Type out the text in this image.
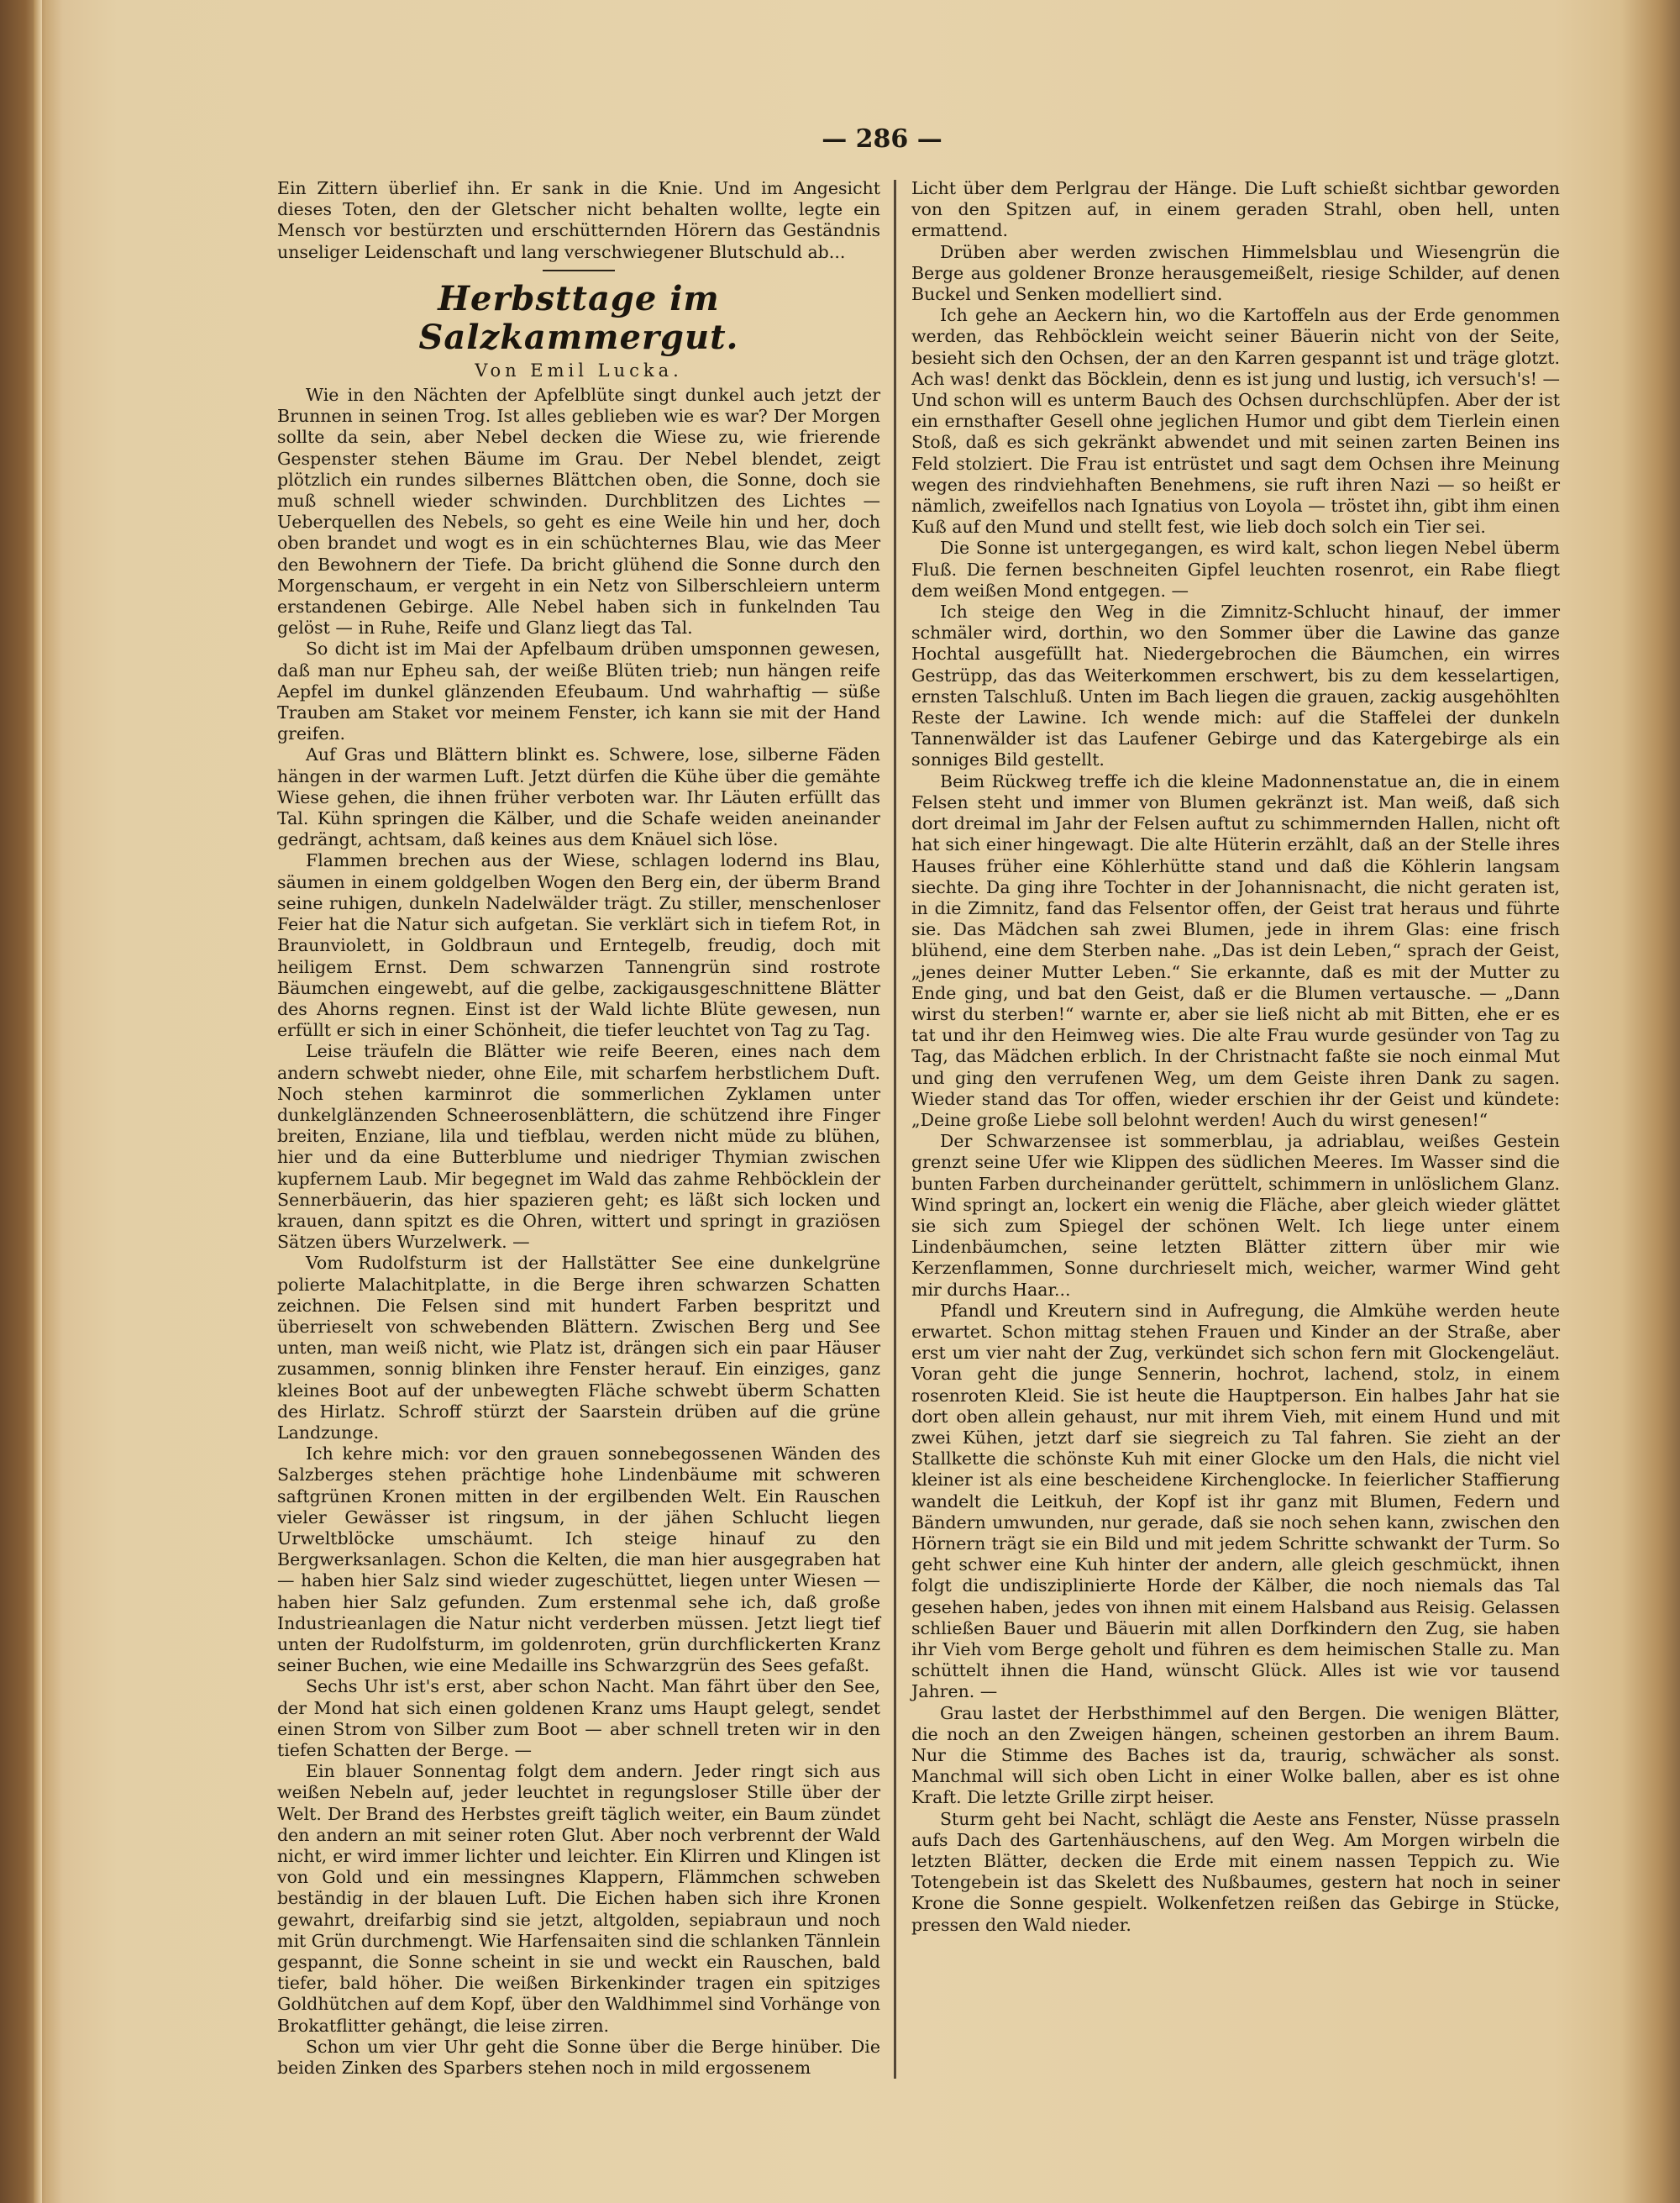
— 286 —

Ein Zittern überlief ihn. Er sank in die Knie. Und im Angesicht dieses Toten, den der Gletscher nicht behalten wollte, legte ein Mensch vor bestürzten und erschütternden Hörern das Geständnis unseliger Leidenschaft und lang verschwiegener Blutschuld ab...

Herbsttage im Salzkammergut.
Von Emil Lucka.

Wie in den Nächten der Apfelblüte singt dunkel auch jetzt der Brunnen in seinen Trog. Ist alles geblieben wie es war? Der Morgen sollte da sein, aber Nebel decken die Wiese zu, wie frierende Gespenster stehen Bäume im Grau. Der Nebel blendet, zeigt plötzlich ein rundes silbernes Blättchen oben, die Sonne, doch sie muß schnell wieder schwinden. Durchblitzen des Lichtes — Ueberquellen des Nebels, so geht es eine Weile hin und her, doch oben brandet und wogt es in ein schüchternes Blau, wie das Meer den Bewohnern der Tiefe. Da bricht glühend die Sonne durch den Morgenschaum, er vergeht in ein Netz von Silberschleiern unterm erstandenen Gebirge. Alle Nebel haben sich in funkelnden Tau gelöst — in Ruhe, Reife und Glanz liegt das Tal.

So dicht ist im Mai der Apfelbaum drüben umsponnen gewesen, daß man nur Epheu sah, der weiße Blüten trieb; nun hängen reife Aepfel im dunkel glänzenden Efeubaum. Und wahrhaftig — süße Trauben am Staket vor meinem Fenster, ich kann sie mit der Hand greifen.

Auf Gras und Blättern blinkt es. Schwere, lose, silberne Fäden hängen in der warmen Luft. Jetzt dürfen die Kühe über die gemähte Wiese gehen, die ihnen früher verboten war. Ihr Läuten erfüllt das Tal. Kühn springen die Kälber, und die Schafe weiden aneinander gedrängt, achtsam, daß keines aus dem Knäuel sich löse.

Flammen brechen aus der Wiese, schlagen lodernd ins Blau, säumen in einem goldgelben Wogen den Berg ein, der überm Brand seine ruhigen, dunkeln Nadelwälder trägt. Zu stiller, menschenloser Feier hat die Natur sich aufgetan. Sie verklärt sich in tiefem Rot, in Braunviolett, in Goldbraun und Erntegelb, freudig, doch mit heiligem Ernst. Dem schwarzen Tannengrün sind rostrote Bäumchen eingewebt, auf die gelbe, zackigausgeschnittene Blätter des Ahorns regnen. Einst ist der Wald lichte Blüte gewesen, nun erfüllt er sich in einer Schönheit, die tiefer leuchtet von Tag zu Tag.

Leise träufeln die Blätter wie reife Beeren, eines nach dem andern schwebt nieder, ohne Eile, mit scharfem herbstlichem Duft. Noch stehen karminrot die sommerlichen Zyklamen unter dunkelglänzenden Schneerosenblättern, die schützend ihre Finger breiten, Enziane, lila und tiefblau, werden nicht müde zu blühen, hier und da eine Butterblume und niedriger Thymian zwischen kupfernem Laub. Mir begegnet im Wald das zahme Rehböcklein der Sennerbäuerin, das hier spazieren geht; es läßt sich locken und krauen, dann spitzt es die Ohren, wittert und springt in graziösen Sätzen übers Wurzelwerk. —

Vom Rudolfsturm ist der Hallstätter See eine dunkelgrüne polierte Malachitplatte, in die Berge ihren schwarzen Schatten zeichnen. Die Felsen sind mit hundert Farben bespritzt und überrieselt von schwebenden Blättern. Zwischen Berg und See unten, man weiß nicht, wie Platz ist, drängen sich ein paar Häuser zusammen, sonnig blinken ihre Fenster herauf. Ein einziges, ganz kleines Boot auf der unbewegten Fläche schwebt überm Schatten des Hirlatz. Schroff stürzt der Saarstein drüben auf die grüne Landzunge.

Ich kehre mich: vor den grauen sonnebegossenen Wänden des Salzberges stehen prächtige hohe Lindenbäume mit schweren saftgrünen Kronen mitten in der ergilbenden Welt. Ein Rauschen vieler Gewässer ist ringsum, in der jähen Schlucht liegen Urweltblöcke umschäumt. Ich steige hinauf zu den Bergwerksanlagen. Schon die Kelten, die man hier ausgegraben hat — haben hier Salz sind wieder zugeschüttet, liegen unter Wiesen — haben hier Salz gefunden. Zum erstenmal sehe ich, daß große Industrieanlagen die Natur nicht verderben müssen. Jetzt liegt tief unten der Rudolfsturm, im goldenroten, grün durchflickerten Kranz seiner Buchen, wie eine Medaille ins Schwarzgrün des Sees gefaßt.

Sechs Uhr ist's erst, aber schon Nacht. Man fährt über den See, der Mond hat sich einen goldenen Kranz ums Haupt gelegt, sendet einen Strom von Silber zum Boot — aber schnell treten wir in den tiefen Schatten der Berge. —

Ein blauer Sonnentag folgt dem andern. Jeder ringt sich aus weißen Nebeln auf, jeder leuchtet in regungsloser Stille über der Welt. Der Brand des Herbstes greift täglich weiter, ein Baum zündet den andern an mit seiner roten Glut. Aber noch verbrennt der Wald nicht, er wird immer lichter und leichter. Ein Klirren und Klingen ist von Gold und ein messingnes Klappern, Flämmchen schweben beständig in der blauen Luft. Die Eichen haben sich ihre Kronen gewahrt, dreifarbig sind sie jetzt, altgolden, sepiabraun und noch mit Grün durchmengt. Wie Harfensaiten sind die schlanken Tännlein gespannt, die Sonne scheint in sie und weckt ein Rauschen, bald tiefer, bald höher. Die weißen Birkenkinder tragen ein spitziges Goldhütchen auf dem Kopf, über den Waldhimmel sind Vorhänge von Brokatflitter gehängt, die leise zirren.

Schon um vier Uhr geht die Sonne über die Berge hinüber. Die beiden Zinken des Sparbers stehen noch in mild ergossenem

Licht über dem Perlgrau der Hänge. Die Luft schießt sichtbar geworden von den Spitzen auf, in einem geraden Strahl, oben hell, unten ermattend.

Drüben aber werden zwischen Himmelsblau und Wiesengrün die Berge aus goldener Bronze herausgemeißelt, riesige Schilder, auf denen Buckel und Senken modelliert sind.

Ich gehe an Aeckern hin, wo die Kartoffeln aus der Erde genommen werden, das Rehböcklein weicht seiner Bäuerin nicht von der Seite, besieht sich den Ochsen, der an den Karren gespannt ist und träge glotzt. Ach was! denkt das Böcklein, denn es ist jung und lustig, ich versuch's! — Und schon will es unterm Bauch des Ochsen durchschlüpfen. Aber der ist ein ernsthafter Gesell ohne jeglichen Humor und gibt dem Tierlein einen Stoß, daß es sich gekränkt abwendet und mit seinen zarten Beinen ins Feld stolziert. Die Frau ist entrüstet und sagt dem Ochsen ihre Meinung wegen des rindviehhaften Benehmens, sie ruft ihren Nazi — so heißt er nämlich, zweifellos nach Ignatius von Loyola — tröstet ihn, gibt ihm einen Kuß auf den Mund und stellt fest, wie lieb doch solch ein Tier sei.

Die Sonne ist untergegangen, es wird kalt, schon liegen Nebel überm Fluß. Die fernen beschneiten Gipfel leuchten rosenrot, ein Rabe fliegt dem weißen Mond entgegen. —

Ich steige den Weg in die Zimnitz-Schlucht hinauf, der immer schmäler wird, dorthin, wo den Sommer über die Lawine das ganze Hochtal ausgefüllt hat. Niedergebrochen die Bäumchen, ein wirres Gestrüpp, das das Weiterkommen erschwert, bis zu dem kesselartigen, ernsten Talschluß. Unten im Bach liegen die grauen, zackig ausgehöhlten Reste der Lawine. Ich wende mich: auf die Staffelei der dunkeln Tannenwälder ist das Laufener Gebirge und das Katergebirge als ein sonniges Bild gestellt.

Beim Rückweg treffe ich die kleine Madonnenstatue an, die in einem Felsen steht und immer von Blumen gekränzt ist. Man weiß, daß sich dort dreimal im Jahr der Felsen auftut zu schimmernden Hallen, nicht oft hat sich einer hingewagt. Die alte Hüterin erzählt, daß an der Stelle ihres Hauses früher eine Köhlerhütte stand und daß die Köhlerin langsam siechte. Da ging ihre Tochter in der Johannisnacht, die nicht geraten ist, in die Zimnitz, fand das Felsentor offen, der Geist trat heraus und führte sie. Das Mädchen sah zwei Blumen, jede in ihrem Glas: eine frisch blühend, eine dem Sterben nahe. „Das ist dein Leben,“ sprach der Geist, „jenes deiner Mutter Leben.“ Sie erkannte, daß es mit der Mutter zu Ende ging, und bat den Geist, daß er die Blumen vertausche. — „Dann wirst du sterben!“ warnte er, aber sie ließ nicht ab mit Bitten, ehe er es tat und ihr den Heimweg wies. Die alte Frau wurde gesünder von Tag zu Tag, das Mädchen erblich. In der Christnacht faßte sie noch einmal Mut und ging den verrufenen Weg, um dem Geiste ihren Dank zu sagen. Wieder stand das Tor offen, wieder erschien ihr der Geist und kündete: „Deine große Liebe soll belohnt werden! Auch du wirst genesen!“

Der Schwarzensee ist sommerblau, ja adriablau, weißes Gestein grenzt seine Ufer wie Klippen des südlichen Meeres. Im Wasser sind die bunten Farben durcheinander gerüttelt, schimmern in unlöslichem Glanz. Wind springt an, lockert ein wenig die Fläche, aber gleich wieder glättet sie sich zum Spiegel der schönen Welt. Ich liege unter einem Lindenbäumchen, seine letzten Blätter zittern über mir wie Kerzenflammen, Sonne durchrieselt mich, weicher, warmer Wind geht mir durchs Haar...

Pfandl und Kreutern sind in Aufregung, die Almkühe werden heute erwartet. Schon mittag stehen Frauen und Kinder an der Straße, aber erst um vier naht der Zug, verkündet sich schon fern mit Glockengeläut. Voran geht die junge Sennerin, hochrot, lachend, stolz, in einem rosenroten Kleid. Sie ist heute die Hauptperson. Ein halbes Jahr hat sie dort oben allein gehaust, nur mit ihrem Vieh, mit einem Hund und mit zwei Kühen, jetzt darf sie siegreich zu Tal fahren. Sie zieht an der Stallkette die schönste Kuh mit einer Glocke um den Hals, die nicht viel kleiner ist als eine bescheidene Kirchenglocke. In feierlicher Staffierung wandelt die Leitkuh, der Kopf ist ihr ganz mit Blumen, Federn und Bändern umwunden, nur gerade, daß sie noch sehen kann, zwischen den Hörnern trägt sie ein Bild und mit jedem Schritte schwankt der Turm. So geht schwer eine Kuh hinter der andern, alle gleich geschmückt, ihnen folgt die undisziplinierte Horde der Kälber, die noch niemals das Tal gesehen haben, jedes von ihnen mit einem Halsband aus Reisig. Gelassen schließen Bauer und Bäuerin mit allen Dorfkindern den Zug, sie haben ihr Vieh vom Berge geholt und führen es dem heimischen Stalle zu. Man schüttelt ihnen die Hand, wünscht Glück. Alles ist wie vor tausend Jahren. —

Grau lastet der Herbsthimmel auf den Bergen. Die wenigen Blätter, die noch an den Zweigen hängen, scheinen gestorben an ihrem Baum. Nur die Stimme des Baches ist da, traurig, schwächer als sonst. Manchmal will sich oben Licht in einer Wolke ballen, aber es ist ohne Kraft. Die letzte Grille zirpt heiser.

Sturm geht bei Nacht, schlägt die Aeste ans Fenster, Nüsse prasseln aufs Dach des Gartenhäuschens, auf den Weg. Am Morgen wirbeln die letzten Blätter, decken die Erde mit einem nassen Teppich zu. Wie Totengebein ist das Skelett des Nußbaumes, gestern hat noch in seiner Krone die Sonne gespielt. Wolkenfetzen reißen das Gebirge in Stücke, pressen den Wald nieder.
